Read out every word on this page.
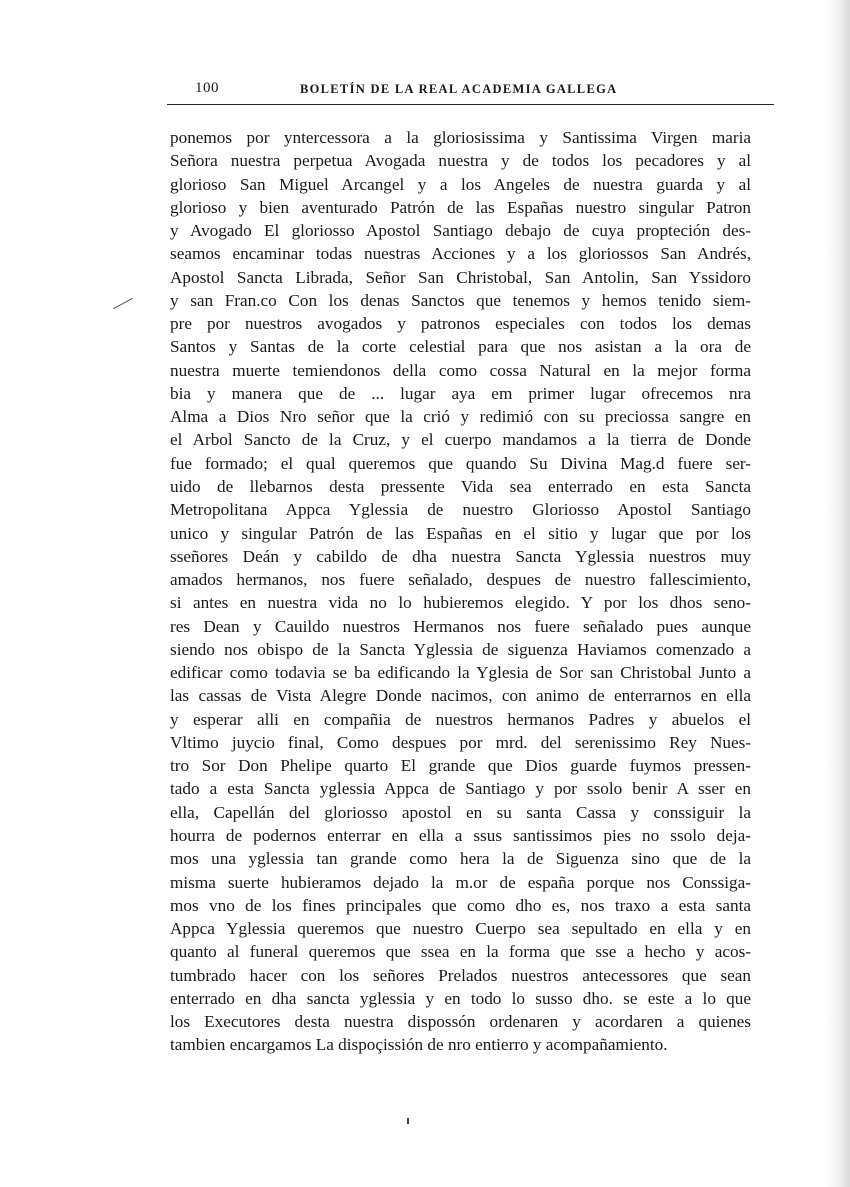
100	BOLETÍN DE LA REAL ACADEMIA GALLEGA
ponemos por yntercessora a la gloriosissima y Santissima Virgen maria
Señora nuestra perpetua Avogada nuestra y de todos los pecadores y al
glorioso San Miguel Arcangel y a los Angeles de nuestra guarda y al
glorioso y bien aventurado Patrón de las Españas nuestro singular Patron
y Avogado El gloriosso Apostol Santiago debajo de cuya propteción des-
seamos encaminar todas nuestras Acciones y a los gloriossos San Andrés,
Apostol Sancta Librada, Señor San Christobal, San Antolin, San Yssidoro
y san Fran.co Con los denas Sanctos que tenemos y hemos tenido siem-
pre por nuestros avogados y patronos especiales con todos los demas
Santos y Santas de la corte celestial para que nos asistan a la ora de
nuestra muerte temiendonos della como cossa Natural en la mejor forma
bia y manera que de ... lugar aya em primer lugar ofrecemos nra
Alma a Dios Nro señor que la crió y redimió con su preciossa sangre en
el Arbol Sancto de la Cruz, y el cuerpo mandamos a la tierra de Donde
fue formado; el qual queremos que quando Su Divina Mag.d fuere ser-
uido de llebarnos desta pressente Vida sea enterrado en esta Sancta
Metropolitana Appca Yglessia de nuestro Gloriosso Apostol Santiago
unico y singular Patrón de las Españas en el sitio y lugar que por los
sseñores Deán y cabildo de dha nuestra Sancta Yglessia nuestros muy
amados hermanos, nos fuere señalado, despues de nuestro fallescimiento,
si antes en nuestra vida no lo hubieremos elegido. Y por los dhos seno-
res Dean y Cauildo nuestros Hermanos nos fuere señalado pues aunque
siendo nos obispo de la Sancta Yglessia de siguenza Haviamos comenzado a
edificar como todavia se ba edificando la Yglesia de Sor san Christobal Junto a
las cassas de Vista Alegre Donde nacimos, con animo de enterrarnos en ella
y esperar alli en compañia de nuestros hermanos Padres y abuelos el
Vltimo juycio final, Como despues por mrd. del serenissimo Rey Nues-
tro Sor Don Phelipe quarto El grande que Dios guarde fuymos pressen-
tado a esta Sancta yglessia Appca de Santiago y por ssolo benir A sser en
ella, Capellán del gloriosso apostol en su santa Cassa y conssiguir la
hourra de podernos enterrar en ella a ssus santissimos pies no ssolo deja-
mos una yglessia tan grande como hera la de Siguenza sino que de la
misma suerte hubieramos dejado la m.or de españa porque nos Conssiga-
mos vno de los fines principales que como dho es, nos traxo a esta santa
Appca Yglessia queremos que nuestro Cuerpo sea sepultado en ella y en
quanto al funeral queremos que ssea en la forma que sse a hecho y acos-
tumbrado hacer con los señores Prelados nuestros antecessores que sean
enterrado en dha sancta yglessia y en todo lo susso dho. se este a lo que
los Executores desta nuestra dispossón ordenaren y acordaren a quienes
tambien encargamos La dispoçissión de nro entierro y acompañamiento.
